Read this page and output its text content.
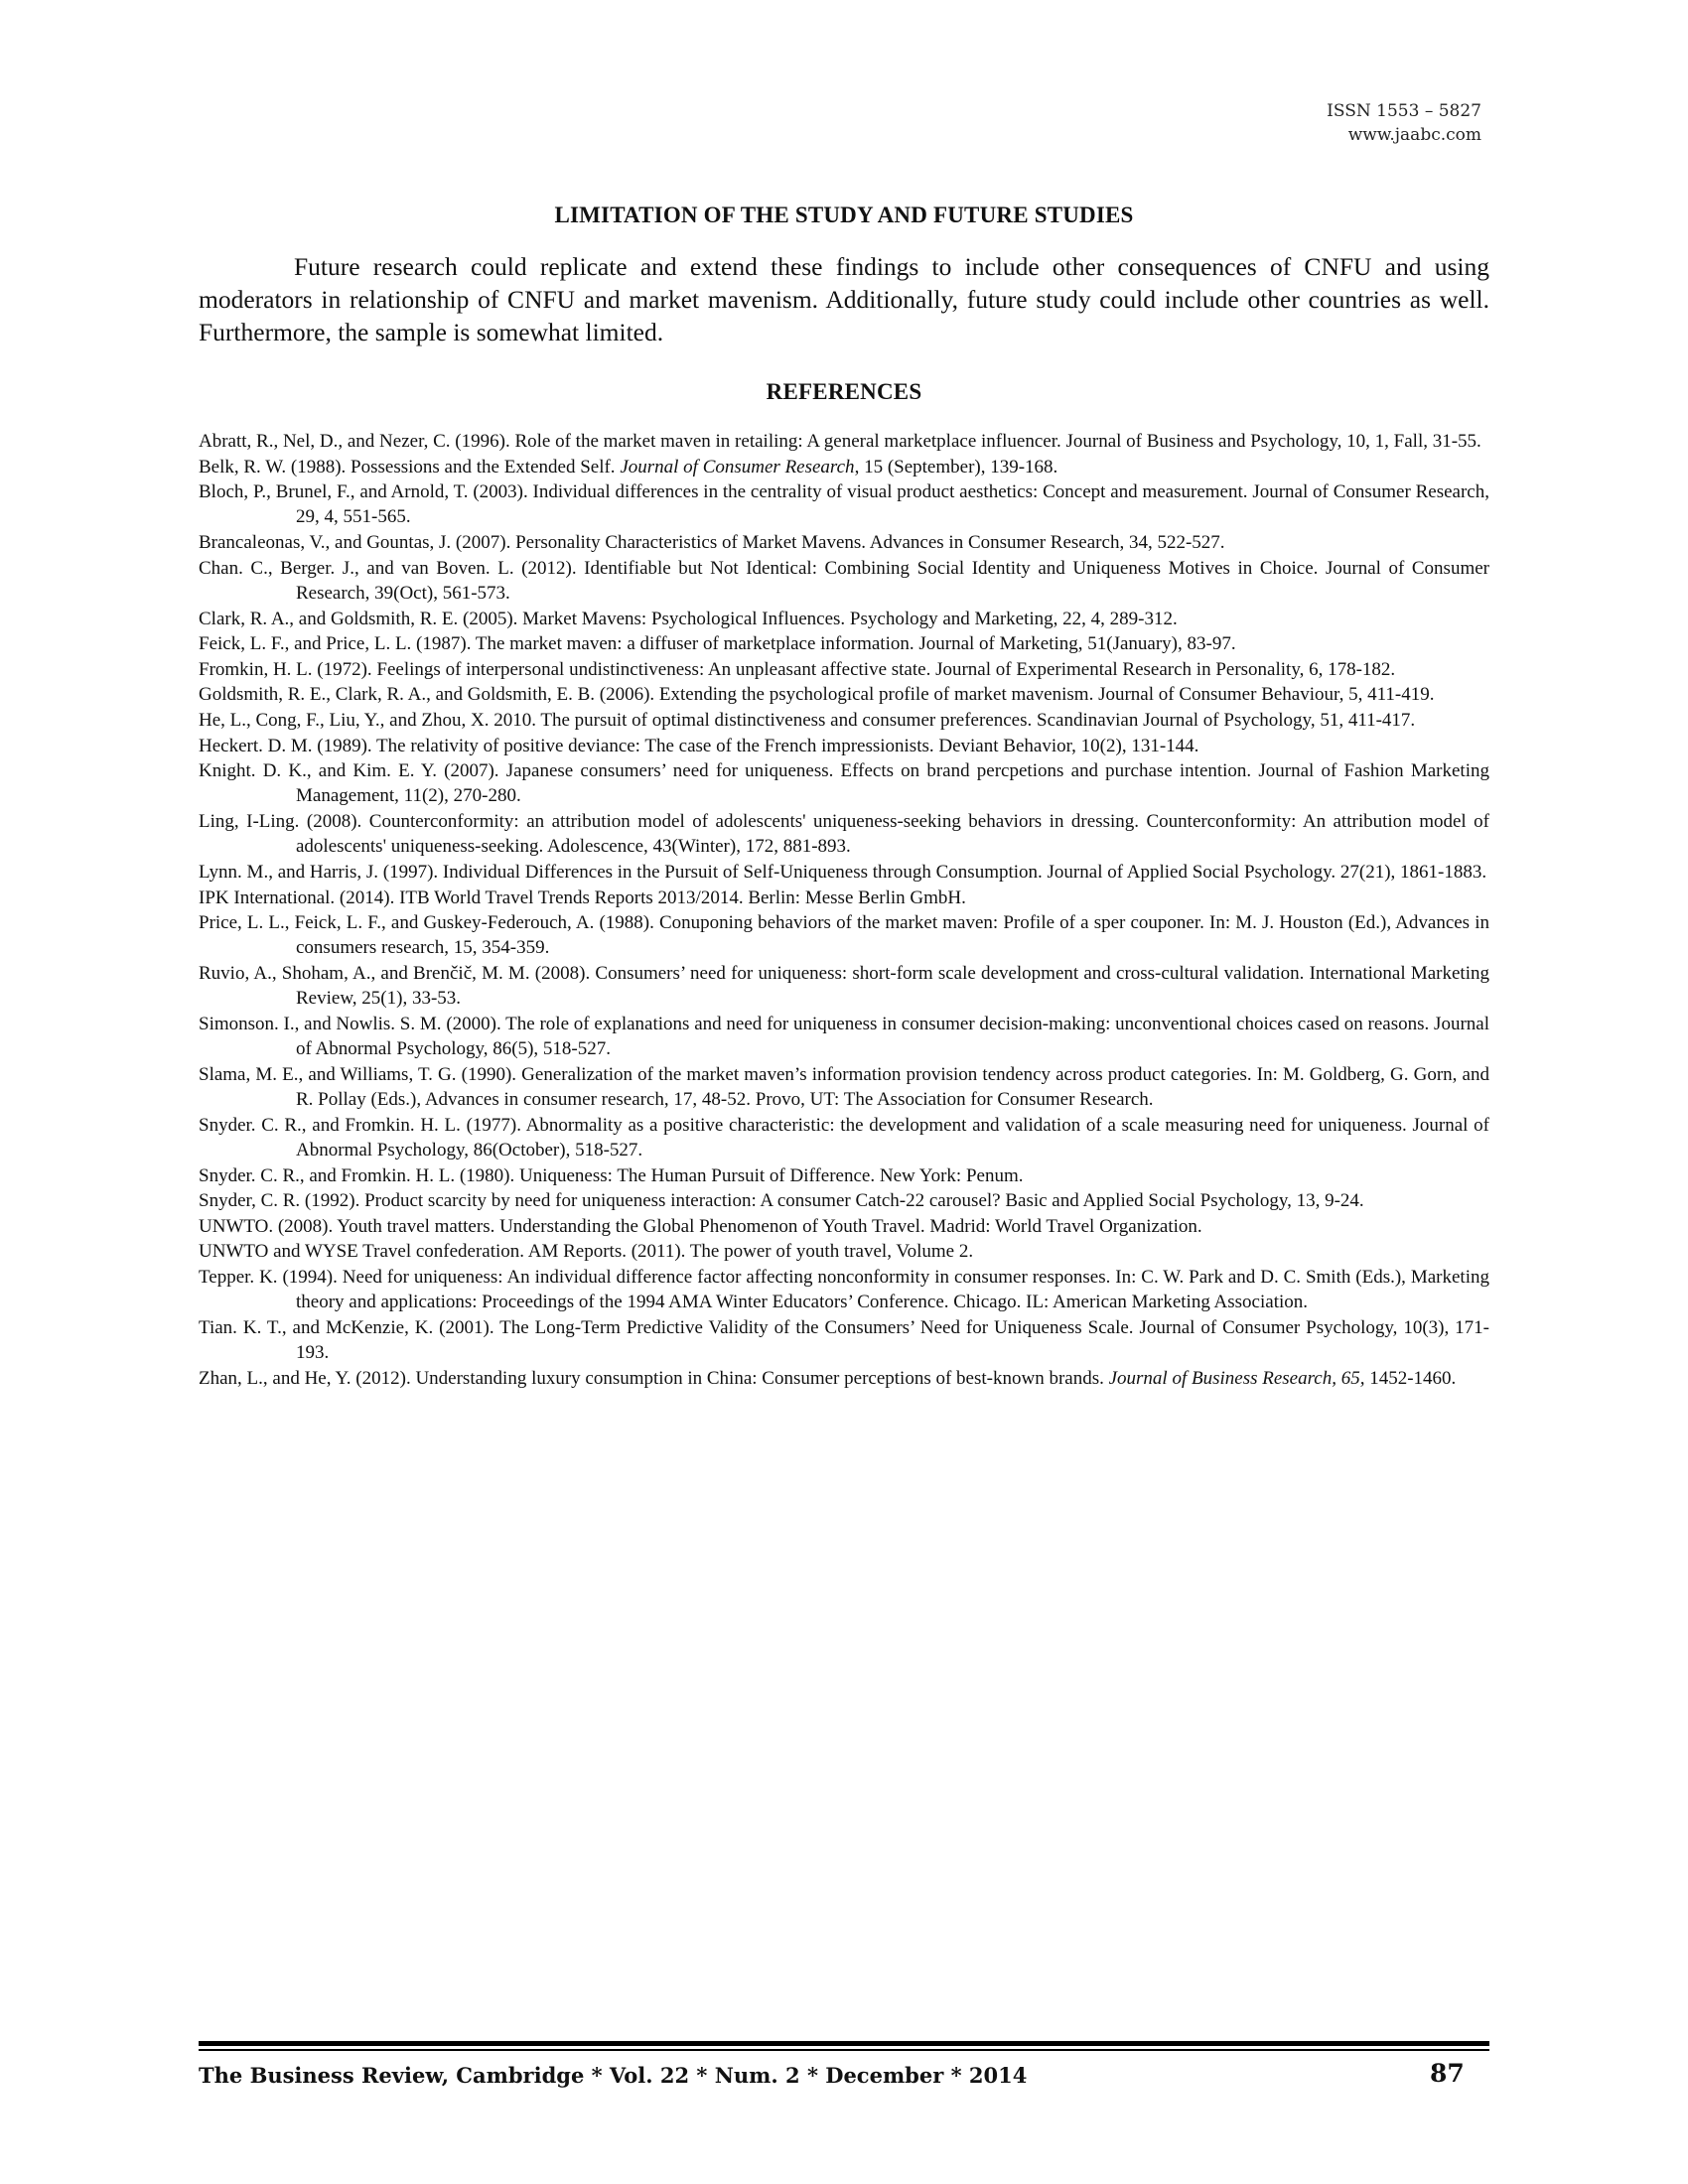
ISSN 1553 – 5827
www.jaabc.com
LIMITATION OF THE STUDY AND FUTURE STUDIES

Future research could replicate and extend these findings to include other consequences of CNFU and using moderators in relationship of CNFU and market mavenism. Additionally, future study could include other countries as well. Furthermore, the sample is somewhat limited.

REFERENCES
Abratt, R., Nel, D., and Nezer, C. (1996). Role of the market maven in retailing: A general marketplace influencer. Journal of Business and Psychology, 10, 1, Fall, 31-55.
Belk, R. W. (1988). Possessions and the Extended Self. Journal of Consumer Research, 15 (September), 139-168.
Bloch, P., Brunel, F., and Arnold, T. (2003). Individual differences in the centrality of visual product aesthetics: Concept and measurement. Journal of Consumer Research, 29, 4, 551-565.
Brancaleonas, V., and Gountas, J. (2007). Personality Characteristics of Market Mavens. Advances in Consumer Research, 34, 522-527.
Chan. C., Berger. J., and van Boven. L. (2012). Identifiable but Not Identical: Combining Social Identity and Uniqueness Motives in Choice. Journal of Consumer Research, 39(Oct), 561-573.
Clark, R. A., and Goldsmith, R. E. (2005). Market Mavens: Psychological Influences. Psychology and Marketing, 22, 4, 289-312.
Feick, L. F., and Price, L. L. (1987). The market maven: a diffuser of marketplace information. Journal of Marketing, 51(January), 83-97.
Fromkin, H. L. (1972). Feelings of interpersonal undistinctiveness: An unpleasant affective state. Journal of Experimental Research in Personality, 6, 178-182.
Goldsmith, R. E., Clark, R. A., and Goldsmith, E. B. (2006). Extending the psychological profile of market mavenism. Journal of Consumer Behaviour, 5, 411-419.
He, L., Cong, F., Liu, Y., and Zhou, X. 2010. The pursuit of optimal distinctiveness and consumer preferences. Scandinavian Journal of Psychology, 51, 411-417.
Heckert. D. M. (1989). The relativity of positive deviance: The case of the French impressionists. Deviant Behavior, 10(2), 131-144.
Knight. D. K., and Kim. E. Y. (2007). Japanese consumers’ need for uniqueness. Effects on brand percpetions and purchase intention. Journal of Fashion Marketing Management, 11(2), 270-280.
Ling, I-Ling. (2008). Counterconformity: an attribution model of adolescents' uniqueness-seeking behaviors in dressing. Counterconformity: An attribution model of adolescents' uniqueness-seeking. Adolescence, 43(Winter), 172, 881-893.
Lynn. M., and Harris, J. (1997). Individual Differences in the Pursuit of Self-Uniqueness through Consumption. Journal of Applied Social Psychology. 27(21), 1861-1883.
IPK International. (2014). ITB World Travel Trends Reports 2013/2014. Berlin: Messe Berlin GmbH.
Price, L. L., Feick, L. F., and Guskey-Federouch, A. (1988). Conuponing behaviors of the market maven: Profile of a sper couponer. In: M. J. Houston (Ed.), Advances in consumers research, 15, 354-359.
Ruvio, A., Shoham, A., and Brenčič, M. M. (2008). Consumers’ need for uniqueness: short-form scale development and cross-cultural validation. International Marketing Review, 25(1), 33-53.
Simonson. I., and Nowlis. S. M. (2000). The role of explanations and need for uniqueness in consumer decision-making: unconventional choices cased on reasons. Journal of Abnormal Psychology, 86(5), 518-527.
Slama, M. E., and Williams, T. G. (1990). Generalization of the market maven’s information provision tendency across product categories. In: M. Goldberg, G. Gorn, and R. Pollay (Eds.), Advances in consumer research, 17, 48-52. Provo, UT: The Association for Consumer Research.
Snyder. C. R., and Fromkin. H. L. (1977). Abnormality as a positive characteristic: the development and validation of a scale measuring need for uniqueness. Journal of Abnormal Psychology, 86(October), 518-527.
Snyder. C. R., and Fromkin. H. L. (1980). Uniqueness: The Human Pursuit of Difference. New York: Penum.
Snyder, C. R. (1992). Product scarcity by need for uniqueness interaction: A consumer Catch-22 carousel? Basic and Applied Social Psychology, 13, 9-24.
UNWTO. (2008). Youth travel matters. Understanding the Global Phenomenon of Youth Travel. Madrid: World Travel Organization.
UNWTO and WYSE Travel confederation. AM Reports. (2011). The power of youth travel, Volume 2.
Tepper. K. (1994). Need for uniqueness: An individual difference factor affecting nonconformity in consumer responses. In: C. W. Park and D. C. Smith (Eds.), Marketing theory and applications: Proceedings of the 1994 AMA Winter Educators’ Conference. Chicago. IL: American Marketing Association.
Tian. K. T., and McKenzie, K. (2001). The Long-Term Predictive Validity of the Consumers’ Need for Uniqueness Scale. Journal of Consumer Psychology, 10(3), 171-193.
Zhan, L., and He, Y. (2012). Understanding luxury consumption in China: Consumer perceptions of best-known brands. Journal of Business Research, 65, 1452-1460.
The Business Review, Cambridge * Vol. 22 * Num. 2 * December * 2014	87
